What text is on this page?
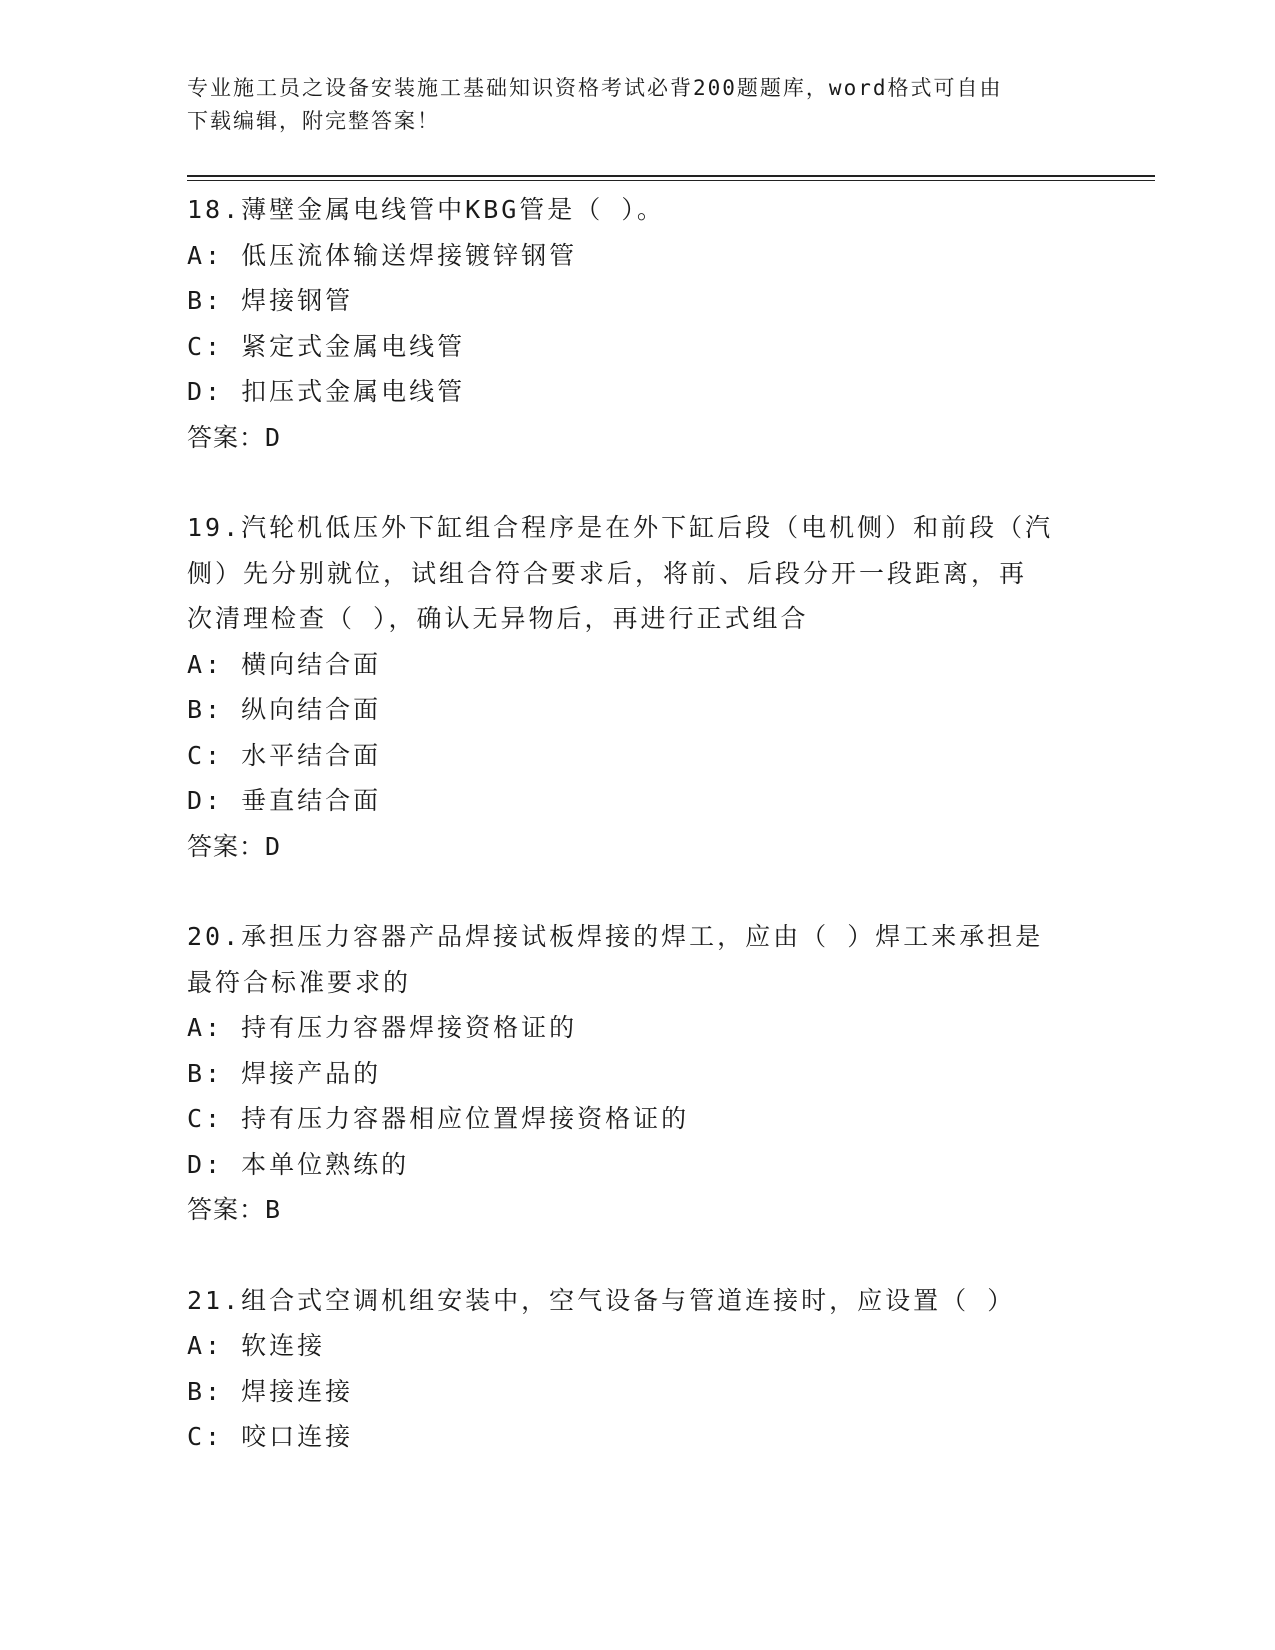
专业施工员之设备安装施工基础知识资格考试必背200题题库，word格式可自由
下载编辑，附完整答案！
18.薄壁金属电线管中KBG管是（ ）。
A: 低压流体输送焊接镀锌钢管
B: 焊接钢管
C: 紧定式金属电线管
D: 扣压式金属电线管
答案：D
19.汽轮机低压外下缸组合程序是在外下缸后段（电机侧）和前段（汽
侧）先分别就位，试组合符合要求后，将前、后段分开一段距离，再
次清理检查（ ），确认无异物后，再进行正式组合
A: 横向结合面
B: 纵向结合面
C: 水平结合面
D: 垂直结合面
答案：D
20.承担压力容器产品焊接试板焊接的焊工，应由（ ）焊工来承担是
最符合标准要求的
A: 持有压力容器焊接资格证的
B: 焊接产品的
C: 持有压力容器相应位置焊接资格证的
D: 本单位熟练的
答案：B
21.组合式空调机组安装中，空气设备与管道连接时，应设置（ ）
A: 软连接
B: 焊接连接
C: 咬口连接
